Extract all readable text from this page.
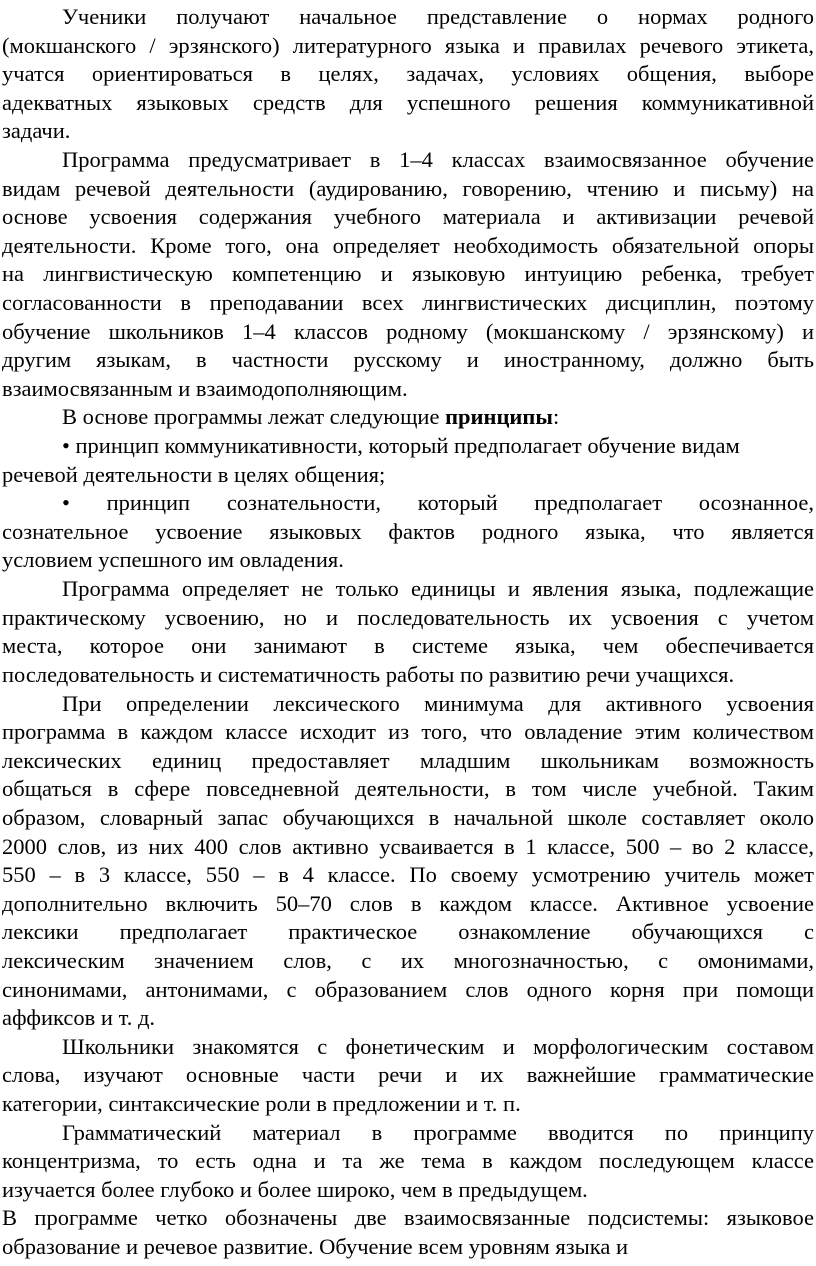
Ученики получают начальное представление о нормах родного
(мокшанского / эрзянского) литературного языка и правилах речевого этикета,
учатся ориентироваться в целях, задачах, условиях общения, выборе
адекватных языковых средств для успешного решения коммуникативной
задачи.
Программа предусматривает в 1–4 классах взаимосвязанное обучение
видам речевой деятельности (аудированию, говорению, чтению и письму) на
основе усвоения содержания учебного материала и активизации речевой
деятельности. Кроме того, она определяет необходимость обязательной опоры
на лингвистическую компетенцию и языковую интуицию ребенка, требует
согласованности в преподавании всех лингвистических дисциплин, поэтому
обучение школьников 1–4 классов родному (мокшанскому / эрзянскому) и
другим языкам, в частности русскому и иностранному, должно быть
взаимосвязанным и взаимодополняющим.
В основе программы лежат следующие принципы:
• принцип коммуникативности, который предполагает обучение видам
речевой деятельности в целях общения;
• принцип сознательности, который предполагает осознанное,
сознательное усвоение языковых фактов родного языка, что является
условием успешного им овладения.
Программа определяет не только единицы и явления языка, подлежащие
практическому усвоению, но и последовательность их усвоения с учетом
места, которое они занимают в системе языка, чем обеспечивается
последовательность и систематичность работы по развитию речи учащихся.
При определении лексического минимума для активного усвоения
программа в каждом классе исходит из того, что овладение этим количеством
лексических единиц предоставляет младшим школьникам возможность
общаться в сфере повседневной деятельности, в том числе учебной. Таким
образом, словарный запас обучающихся в начальной школе составляет около
2000 слов, из них 400 слов активно усваивается в 1 классе, 500 – во 2 классе,
550 – в 3 классе, 550 – в 4 классе. По своему усмотрению учитель может
дополнительно включить 50–70 слов в каждом классе. Активное усвоение
лексики предполагает практическое ознакомление обучающихся с
лексическим значением слов, с их многозначностью, с омонимами,
синонимами, антонимами, с образованием слов одного корня при помощи
аффиксов и т. д.
Школьники знакомятся с фонетическим и морфологическим составом
слова, изучают основные части речи и их важнейшие грамматические
категории, синтаксические роли в предложении и т. п.
Грамматический материал в программе вводится по принципу
концентризма, то есть одна и та же тема в каждом последующем классе
изучается более глубоко и более широко, чем в предыдущем.
В программе четко обозначены две взаимосвязанные подсистемы: языковое
образование и речевое развитие. Обучение всем уровням языка и
